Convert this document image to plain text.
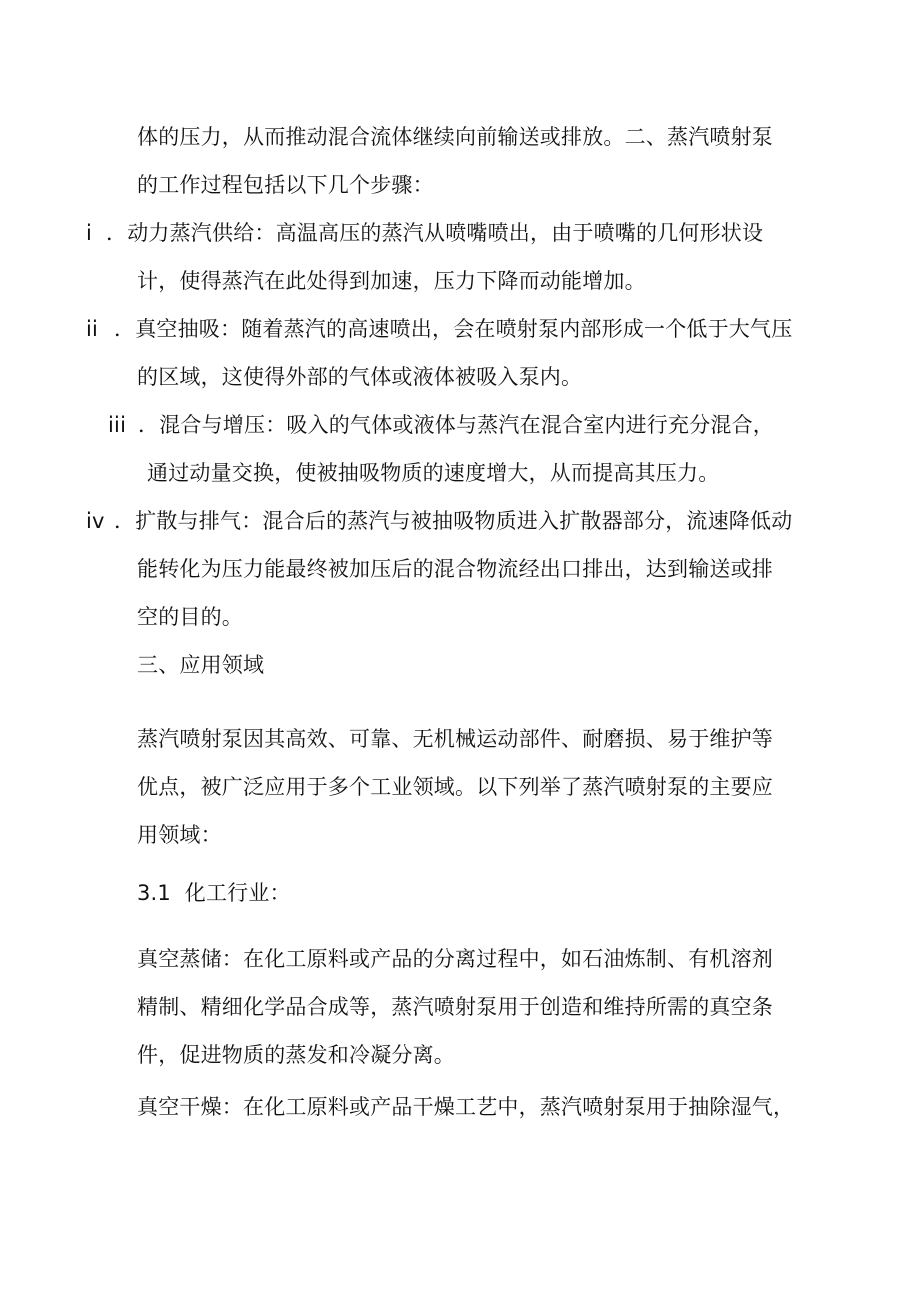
体的压力，从而推动混合流体继续向前输送或排放。二、蒸汽喷射泵
的工作过程包括以下几个步骤：
i ．动力蒸汽供给：高温高压的蒸汽从喷嘴喷出，由于喷嘴的几何形状设
计，使得蒸汽在此处得到加速，压力下降而动能增加。
ii ．真空抽吸：随着蒸汽的高速喷出，会在喷射泵内部形成一个低于大气压
的区域，这使得外部的气体或液体被吸入泵内。
iii ．混合与增压：吸入的气体或液体与蒸汽在混合室内进行充分混合，
通过动量交换，使被抽吸物质的速度增大，从而提高其压力。
iv ．扩散与排气：混合后的蒸汽与被抽吸物质进入扩散器部分，流速降低动
能转化为压力能最终被加压后的混合物流经出口排出，达到输送或排
空的目的。
三、应用领域
蒸汽喷射泵因其高效、可靠、无机械运动部件、耐磨损、易于维护等
优点，被广泛应用于多个工业领域。以下列举了蒸汽喷射泵的主要应
用领域：
3.1  化工行业：
真空蒸储：在化工原料或产品的分离过程中，如石油炼制、有机溶剂
精制、精细化学品合成等，蒸汽喷射泵用于创造和维持所需的真空条
件，促进物质的蒸发和冷凝分离。
真空干燥：在化工原料或产品干燥工艺中，蒸汽喷射泵用于抽除湿气，
